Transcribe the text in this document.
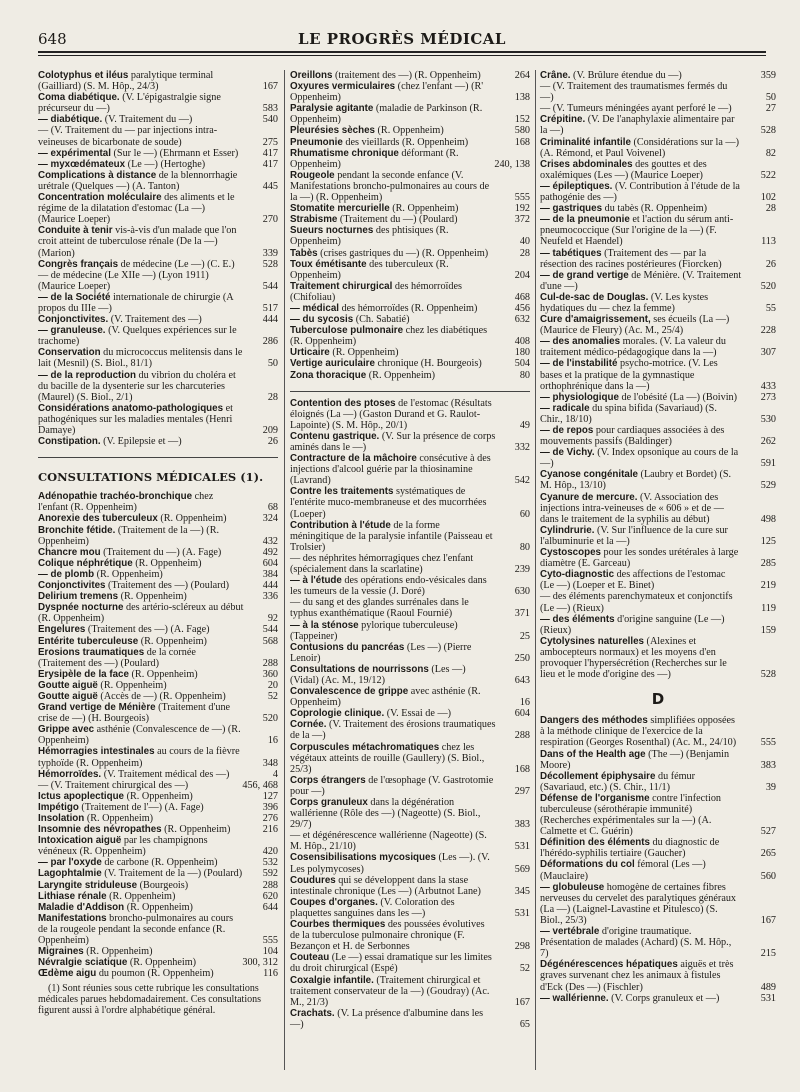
648	LE PROGRÈS MÉDICAL
Colotyphus et iléus paralytique terminal (Gailliard) (S. M. Hôp., 24/3)	167
Coma diabétique. (V. L'épigastralgie signe précurseur du —)	583
— diabétique. (V. Traitement du —)	540
— (V. Traitement du — par injections intra-veineuses de bicarbonate de soude)	275
— expérimental (Sur le —) (Ehrmann et Esser) 417
— myxœdémateux (Le —) (Hertoghe)	417
Complications à distance de la blennorrhagie urétrale (Quelques —) (A. Tanton)	445
Concentration moléculaire des aliments et le régime de la dilatation d'estomac (La —) (Maurice Loeper)	270
Conduite à tenir vis-à-vis d'un malade que l'on croit atteint de tuberculose rénale (De la —) (Marion)	339
Congrès français de médecine (Le —) (C. E.)	528
— de médecine (Le XIIe —) (Lyon 1911) (Maurice Loeper)	544
— de la Société internationale de chirurgie (A propos du IIIe —)	517
Conjonctivites. (V. Traitement des —)	444
— granuleuse. (V. Quelques expériences sur le trachome)	286
Conservation du micrococcus melitensis dans le lait (Mesnil) (S. Biol., 81/1)	50
— de la reproduction du vibrion du choléra et du bacille de la dysenterie sur les charcuteries (Maurel) (S. Biol., 2/1)	28
Considérations anatomo-pathologiques et pathogéniques sur les maladies mentales (Henri Damaye)	209
Constipation. (V. Epilepsie et —)	26
CONSULTATIONS MÉDICALES (1).
Adénopathie trachéo-bronchique chez l'enfant (R. Oppenheim)	68
Anorexie des tuberculeux (R. Oppenheim)	324
Bronchite fétide. (Traitement de la —) (R. Oppenheim)	432
Chancre mou (Traitement du —) (A. Fage)	492
Colique néphrétique (R. Oppenheim)	604
— de plomb (R. Oppenheim)	384
Conjonctivites (Traitement des —) (Poulard)	444
Delirium tremens (R. Oppenheim)	336
Dyspnée nocturne des artério-scléreux au début (R. Oppenheim)	92
Engelures (Traitement des —) (A. Fage)	544
Entérite tuberculeuse (R. Oppenheim)	568
Erosions traumatiques de la cornée (Traitement des —) (Poulard)	288
Erysipèle de la face (R. Oppenheim)	360
Goutte aiguë (R. Oppenheim)	20
Goutte aiguë (Accès de —) (R. Oppenheim)	52
Grand vertige de Ménière (Traitement d'une crise de —) (H. Bourgeois)	520
Grippe avec asthénie (Convalescence de —) (R. Oppenheim)	16
Hémorragies intestinales au cours de la fièvre typhoïde (R. Oppenheim)	348
Hémorroïdes. (V. Traitement médical des —)	4
— (V. Traitement chirurgical des —)	456, 468
Ictus apoplectique (R. Oppenheim)	127
Impétigo (Traitement de l'—) (A. Fage)	396
Insolation (R. Oppenheim)	276
Insomnie des névropathes (R. Oppenheim)	216
Intoxication aiguë par les champignons vénéneux (R. Oppenheim)	420
— par l'oxyde de carbone (R. Oppenheim)	532
Lagophtalmie (V. Traitement de la —) (Poulard) 592
Laryngite striduleuse (Bourgeois)	288
Lithiase rénale (R. Oppenheim)	620
Maladie d'Addison (R. Oppenheim)	644
Manifestations broncho-pulmonaires au cours de la rougeole pendant la seconde enfance (R. Oppenheim)	555
Migraines (R. Oppenheim)	104
Névralgie sciatique (R. Oppenheim)	300, 312
Œdème aigu du poumon (R. Oppenheim)	116
(1) Sont réunies sous cette rubrique les consultations médicales parues hebdomadairement. Ces consultations figurent aussi à l'ordre alphabétique général.
Oreillons (traitement des —) (R. Oppenheim)	264
Oxyures vermiculaires (chez l'enfant —) (R' Oppenheim)	138
Paralysie agitante (maladie de Parkinson (R. Oppenheim)	152
Pleurésies sèches (R. Oppenheim)	580
Pneumonie des vieillards (R. Oppenheim)	168
Rhumatisme chronique déformant (R. Oppenheim)	240, 138
Rougeole pendant la seconde enfance (V. Manifestations broncho-pulmonaires au cours de la —) (R. Oppenheim)	555
Stomatite mercurielle (R. Oppenheim)	192
Strabisme (Traitement du —) (Poulard)	372
Sueurs nocturnes des phtisiques (R. Oppenheim)	40
Tabès (crises gastriques du —) (R. Oppenheim)	28
Toux émétisante des tuberculeux (R. Oppenheim)	204
Traitement chirurgical des hémorroïdes (Chifoliau)	468
— médical des hémorroïdes (R. Oppenheim)	456
— du sycosis (Ch. Sabatié)	632
Tuberculose pulmonaire chez les diabétiques (R. Oppenheim)	408
Urticaire (R. Oppenheim)	180
Vertige auriculaire chronique (H. Bourgeois)	504
Zona thoracique (R. Oppenheim)	80
Contention des ptoses de l'estomac (Résultats éloignés (La —) (Gaston Durand et G. Raulot-Lapointe) (S. M. Hôp., 20/1)	49
Contenu gastrique. (V. Sur la présence de corps aminés dans le —)	332
Contracture de la mâchoire consécutive à des injections d'alcool guérie par la thiosinamine (Lavrand)	542
Contre les traitements systématiques de l'entérite muco-membraneuse et des mucorrhées (Loeper)	60
Contribution à l'étude de la forme méningitique de la paralysie infantile (Paisseau et Trolsier)	80
— des néphrites hémorragiques chez l'enfant (spécialement dans la scarlatine)	239
— à l'étude des opérations endo-vésicales dans les tumeurs de la vessie (J. Doré)	630
— du sang et des glandes surrénales dans le typhus exanthématique (Raoul Fournié)	371
— à la sténose pylorique tuberculeuse) (Tappeiner)	25
Contusions du pancréas (Les —) (Pierre Lenoir)	250
Consultations de nourrissons (Les —) (Vidal) (Ac. M., 19/12)	643
Convalescence de grippe avec asthénie (R. Oppenheim)	16
Coprologie clinique. (V. Essai de —)	604
Cornée. (V. Traitement des érosions traumatiques de la —)	288
Corpuscules métachromatiques chez les végétaux atteints de rouille (Gaullery) (S. Biol., 25/3)	168
Corps étrangers de l'œsophage (V. Gastrotomie pour —)	297
Corps granuleux dans la dégénération wallérienne (Rôle des —) (Nageotte) (S. Biol., 29/7)	383
— et dégénérescence wallérienne (Nageotte) (S. M. Hôp., 21/10)	531
Cosensibilisations mycosiques (Les —). (V. Les polymycoses)	569
Coudures qui se développent dans la stase intestinale chronique (Les —) (Arbutnot Lane)	345
Coupes d'organes. (V. Coloration des plaquettes sanguines dans les —)	531
Courbes thermiques des poussées évolutives de la tuberculose pulmonaire chronique (F. Bezançon et H. de Serbonnes	298
Couteau (Le —) essai dramatique sur les limites du droit chirurgical (Espé)	52
Coxalgie infantile. (Traitement chirurgical et traitement conservateur de la —) (Goudray) (Ac. M., 21/3)	167
Crachats. (V. La présence d'albumine dans les —)	65
Crâne. (V. Brûlure étendue du —)	359
— (V. Traitement des traumatismes fermés du —)	50
— (V. Tumeurs méningées ayant perforé le —)	27
Crépitine. (V. De l'anaphylaxie alimentaire par la —)	528
Criminalité infantile (Considérations sur la —) (A. Rémond, et Paul Voivenel)	82
Crises abdominales des gouttes et des oxalémiques (Les —) (Maurice Loeper)	522
— épileptiques. (V. Contribution à l'étude de la pathogénie des —)	102
— gastriques du tabès (R. Oppenheim)	28
— de la pneumonie et l'action du sérum anti-pneumococcique (Sur l'origine de la —) (F. Neufeld et Haendel)	113
— tabétiques (Traitement des — par la résection des racines postérieures (Fiorcken)	26
— de grand vertige de Ménière. (V. Traitement d'une —)	520
Cul-de-sac de Douglas. (V. Les kystes hydatiques du — chez la femme)	55
Cure d'amaigrissement, ses écueils (La —) (Maurice de Fleury) (Ac. M., 25/4)	228
— des anomalies morales. (V. La valeur du traitement médico-pédagogique dans la —)	307
— de l'instabilité psycho-motrice. (V. Les bases et la pratique de la gymnastique orthophrénique dans la —)	433
— physiologique de l'obésité (La —) (Boivin) 273
— radicale du spina bifida (Savariaud) (S. Chir., 18/10)	530
— de repos pour cardiaques associées à des mouvements passifs (Baldinger)	262
— de Vichy. (V. Index opsonique au cours de la —)	591
Cyanose congénitale (Laubry et Bordet) (S. M. Hôp., 13/10)	529
Cyanure de mercure. (V. Association des injections intra-veineuses de « 606 » et de — dans le traitement de la syphilis au début)	498
Cylindrurie. (V. Sur l'influence de la cure sur l'albuminurie et la —)	125
Cystoscopes pour les sondes urétérales à large diamètre (E. Garceau)	285
Cyto-diagnostic des affections de l'estomac (Le —) (Loeper et E. Binet)	219
— des éléments parenchymateux et conjonctifs (Le —) (Rieux)	119
— des éléments d'origine sanguine (Le —) (Rieux)	159
Cytolysines naturelles (Alexines et ambocepteurs normaux) et les moyens d'en provoquer l'hypersécrétion (Recherches sur le lieu et le mode d'origine des —)	528
D
Dangers des méthodes simplifiées opposées à la méthode clinique de l'exercice de la respiration (Georges Rosenthal) (Ac. M., 24/10) 555
Dans of the Health age (The —) (Benjamin Moore)	383
Décollement épiphysaire du fémur (Savariaud, etc.) (S. Chir., 11/1)	39
Défense de l'organisme contre l'infection tuberculeuse (sérothérapie immunité) (Recherches expérimentales sur la —) (A. Calmette et C. Guérin)	527
Définition des éléments du diagnostic de l'hérédo-syphilis tertiaire (Gaucher)	265
Déformations du col fémoral (Les —) (Mauclaire)	560
— globuleuse homogène de certaines fibres nerveuses du cervelet des paralytiques généraux (La —) (Laignel-Lavastine et Pitulesco) (S. Biol., 25/3)	167
— vertébrale d'origine traumatique. Présentation de malades (Achard) (S. M. Hôp., 7)	215
Dégénérescences hépatiques aiguës et très graves survenant chez les animaux à fistules d'Eck (Des —) (Fischler)	489
— wallérienne. (V. Corps granuleux et —)	531
